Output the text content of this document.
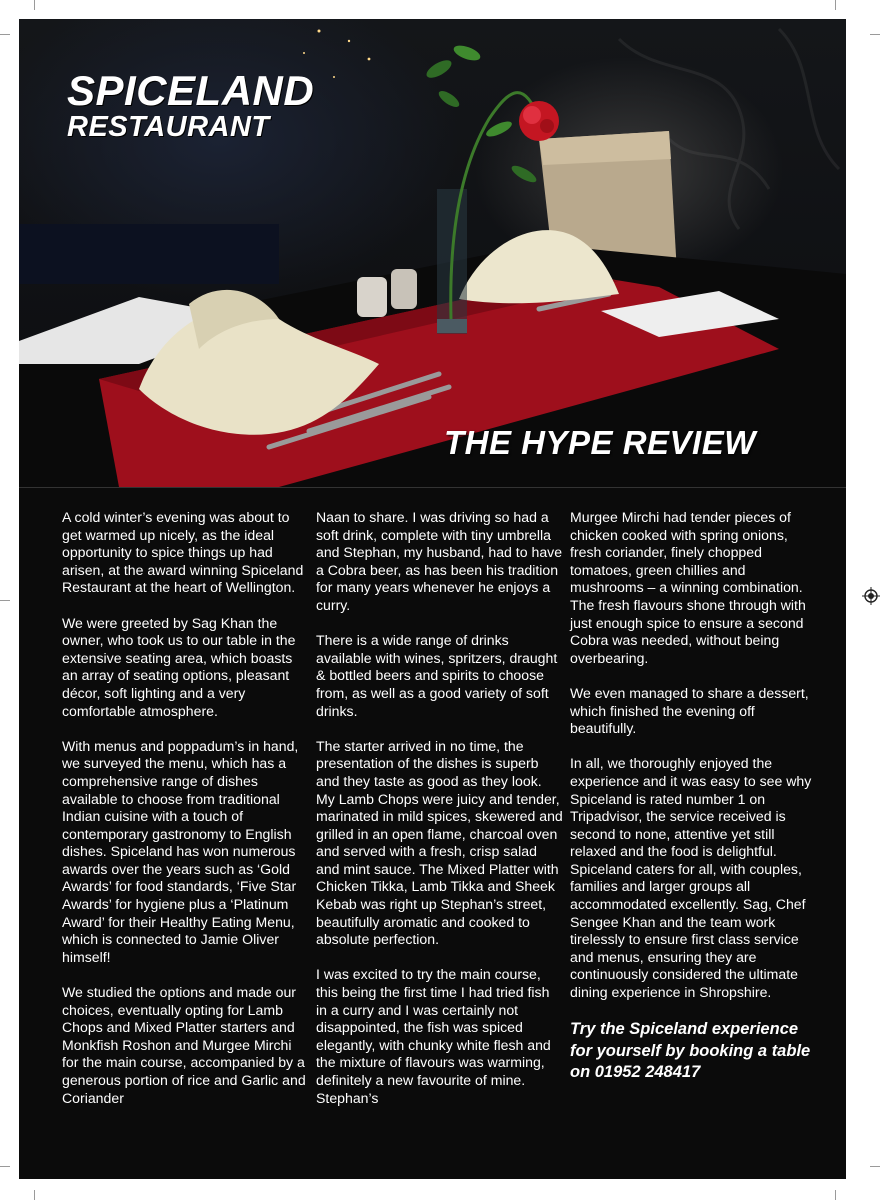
SPICELAND
RESTAURANT
THE HYPE REVIEW

A cold winter’s evening was about to get warmed up nicely, as the ideal opportunity to spice things up had arisen, at the award winning Spiceland Restaurant at the heart of Wellington.

We were greeted by Sag Khan the owner, who took us to our table in the extensive seating area, which boasts an array of seating options, pleasant décor, soft lighting and a very comfortable atmosphere.

With menus and poppadum’s in hand, we surveyed the menu, which has a comprehensive range of dishes available to choose from traditional Indian cuisine with a touch of contemporary gastronomy to English dishes. Spiceland has won numerous awards over the years such as ‘Gold Awards’ for food standards, ‘Five Star Awards’ for hygiene plus a ‘Platinum Award’ for their Healthy Eating Menu, which is connected to Jamie Oliver himself!

We studied the options and made our choices, eventually opting for Lamb Chops and Mixed Platter starters and Monkfish Roshon and Murgee Mirchi for the main course, accompanied by a generous portion of rice and Garlic and Coriander

Naan to share. I was driving so had a soft drink, complete with tiny umbrella and Stephan, my husband, had to have a Cobra beer, as has been his tradition for many years whenever he enjoys a curry.

There is a wide range of drinks available with wines, spritzers, draught & bottled beers and spirits to choose from, as well as a good variety of soft drinks.

The starter arrived in no time, the presentation of the dishes is superb and they taste as good as they look. My Lamb Chops were juicy and tender, marinated in mild spices, skewered and grilled in an open flame, charcoal oven and served with a fresh, crisp salad and mint sauce. The Mixed Platter with Chicken Tikka, Lamb Tikka and Sheek Kebab was right up Stephan’s street, beautifully aromatic and cooked to absolute perfection.

I was excited to try the main course, this being the first time I had tried fish in a curry and I was certainly not disappointed, the fish was spiced elegantly, with chunky white flesh and the mixture of flavours was warming, definitely a new favourite of mine. Stephan’s

Murgee Mirchi had tender pieces of chicken cooked with spring onions, fresh coriander, finely chopped tomatoes, green chillies and mushrooms – a winning combination. The fresh flavours shone through with just enough spice to ensure a second Cobra was needed, without being overbearing.

We even managed to share a dessert, which finished the evening off beautifully.

In all, we thoroughly enjoyed the experience and it was easy to see why Spiceland is rated number 1 on Tripadvisor, the service received is second to none, attentive yet still relaxed and the food is delightful. Spiceland caters for all, with couples, families and larger groups all accommodated excellently. Sag, Chef Sengee Khan and the team work tirelessly to ensure first class service and menus, ensuring they are continuously considered the ultimate dining experience in Shropshire.

Try the Spiceland experience for yourself by booking a table on 01952 248417
